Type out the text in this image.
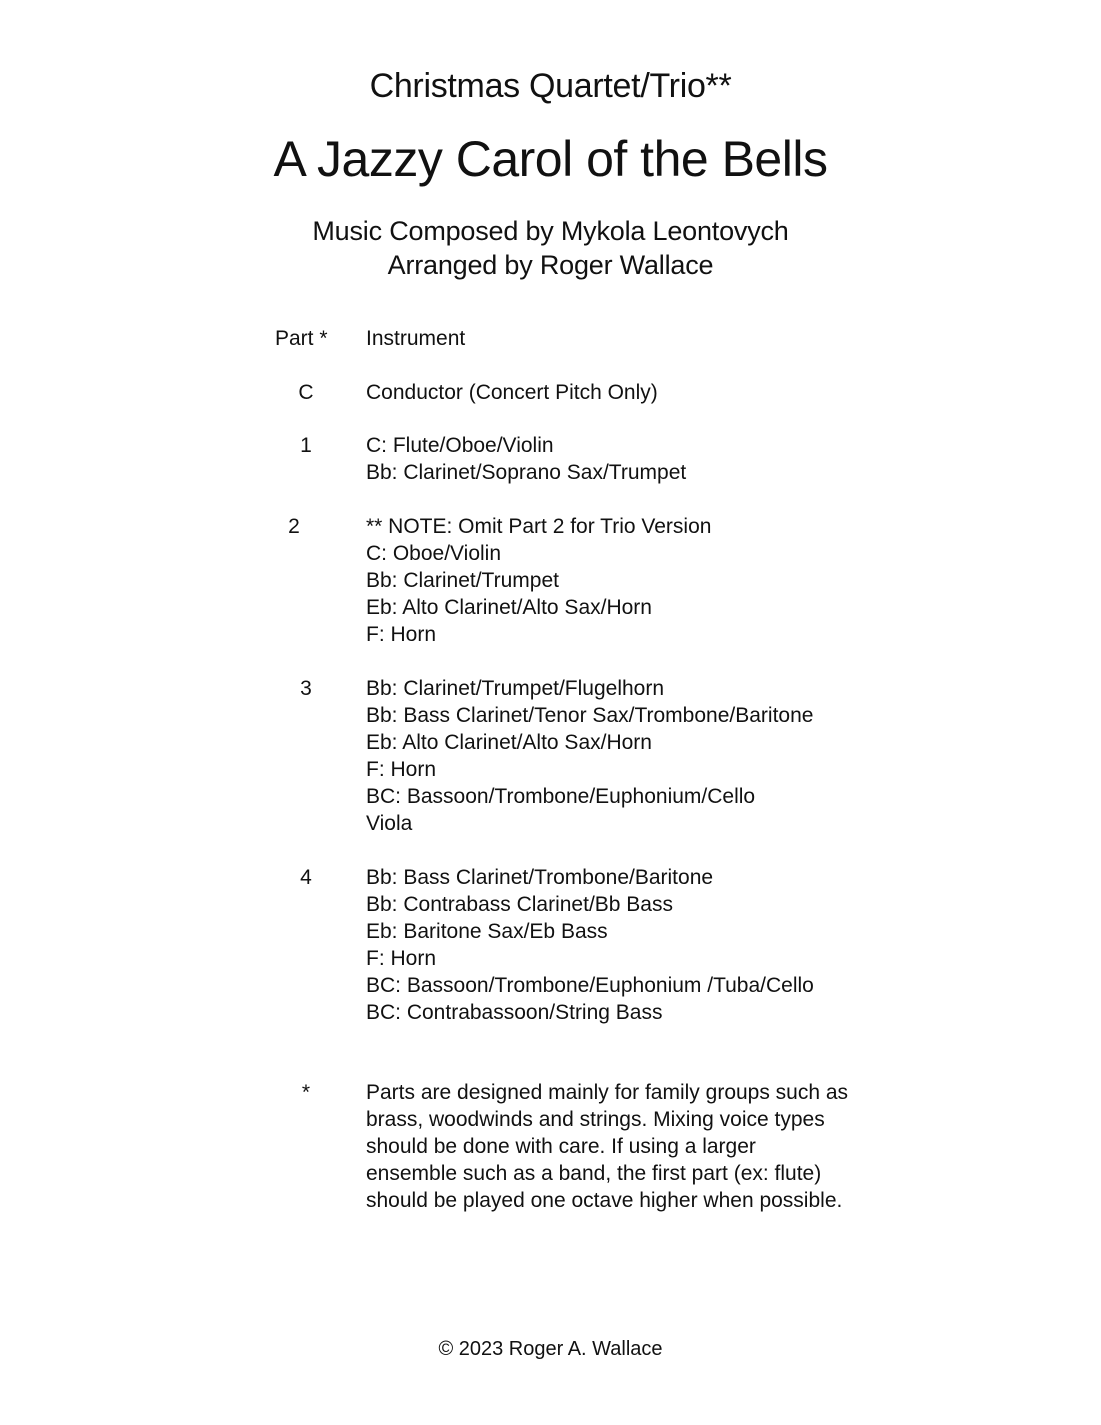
Christmas Quartet/Trio**
A Jazzy Carol of the Bells
Music Composed by Mykola Leontovych
Arranged by Roger Wallace
Part *	Instrument
C	Conductor (Concert Pitch Only)
1	C: Flute/Oboe/Violin
Bb: Clarinet/Soprano Sax/Trumpet
2	** NOTE: Omit Part 2 for Trio Version
C: Oboe/Violin
Bb: Clarinet/Trumpet
Eb: Alto Clarinet/Alto Sax/Horn
F: Horn
3	Bb: Clarinet/Trumpet/Flugelhorn
Bb: Bass Clarinet/Tenor Sax/Trombone/Baritone
Eb: Alto Clarinet/Alto Sax/Horn
F: Horn
BC: Bassoon/Trombone/Euphonium/Cello
Viola
4	Bb: Bass Clarinet/Trombone/Baritone
Bb: Contrabass Clarinet/Bb Bass
Eb: Baritone Sax/Eb Bass
F: Horn
BC: Bassoon/Trombone/Euphonium /Tuba/Cello
BC: Contrabassoon/String Bass
*	Parts are designed mainly for family groups such as
brass, woodwinds and strings. Mixing voice types
should be done with care. If using a larger
ensemble such as a band, the first part (ex: flute)
should be played one octave higher when possible.
© 2023 Roger A. Wallace
